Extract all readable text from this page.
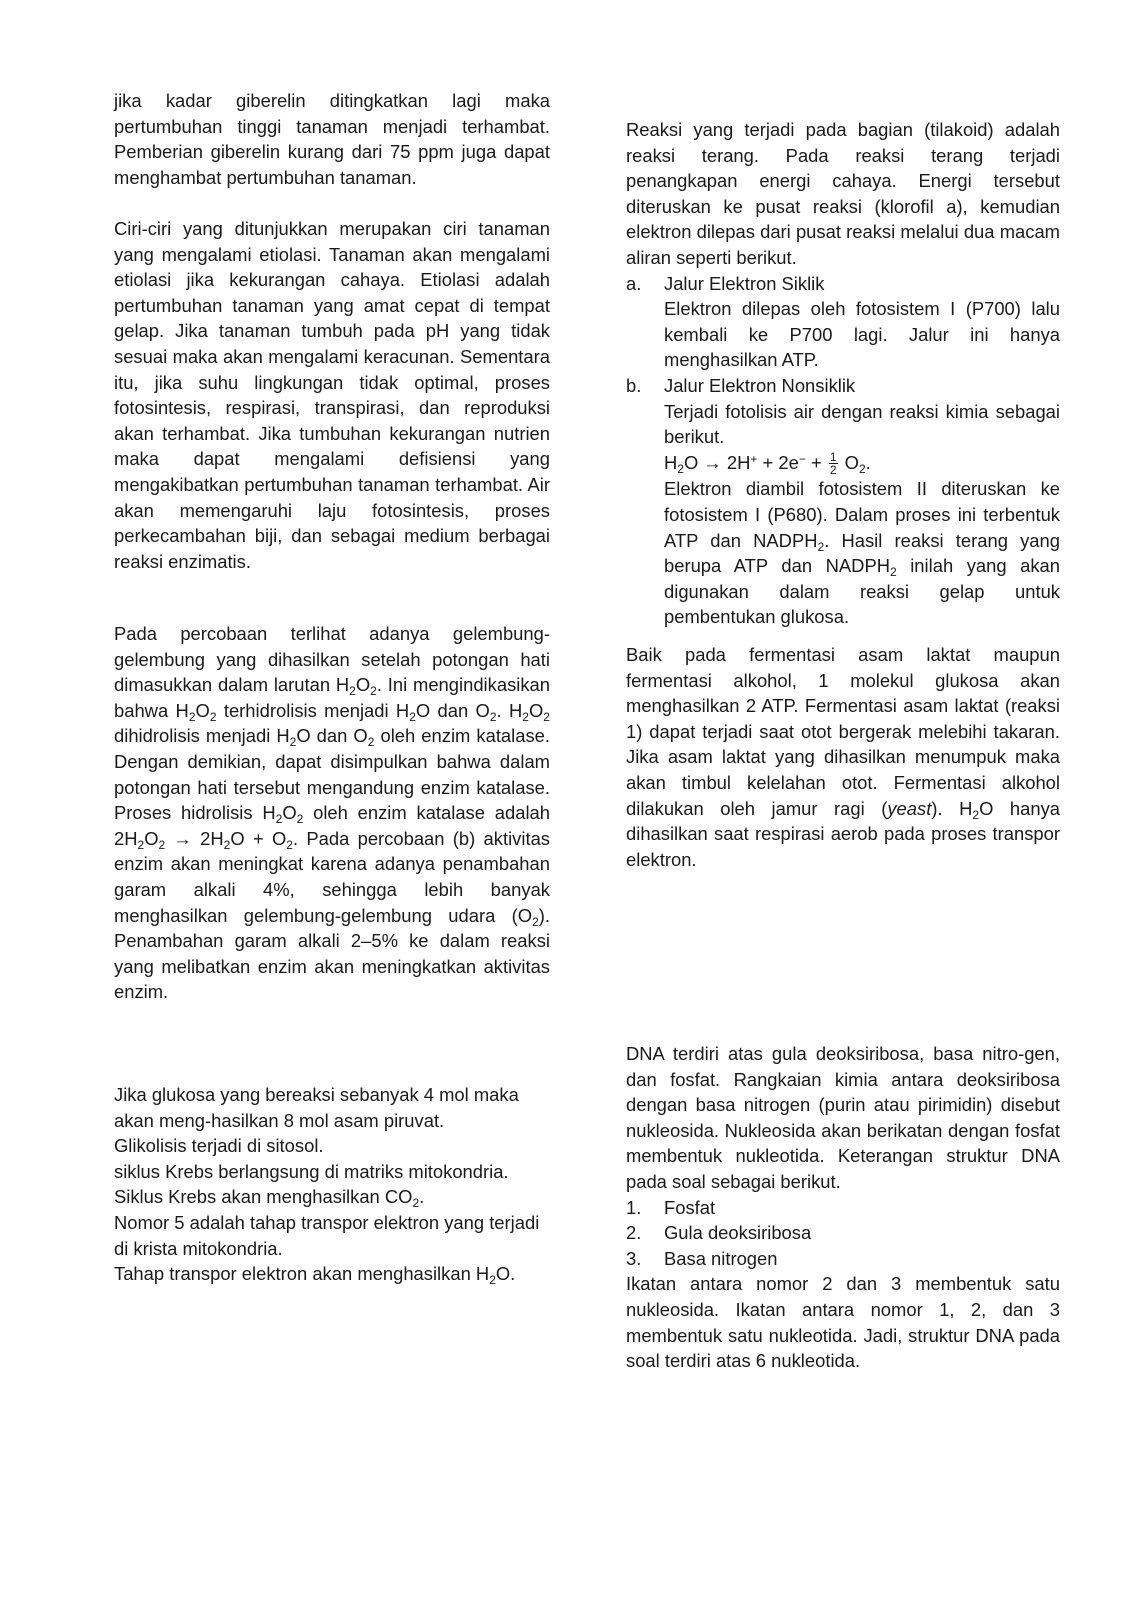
jika kadar giberelin ditingkatkan lagi maka pertumbuhan tinggi tanaman menjadi terhambat. Pemberian giberelin kurang dari 75 ppm juga dapat menghambat pertumbuhan tanaman.

Ciri-ciri yang ditunjukkan merupakan ciri tanaman yang mengalami etiolasi. Tanaman akan mengalami etiolasi jika kekurangan cahaya. Etiolasi adalah pertumbuhan tanaman yang amat cepat di tempat gelap. Jika tanaman tumbuh pada pH yang tidak sesuai maka akan mengalami keracunan. Sementara itu, jika suhu lingkungan tidak optimal, proses fotosintesis, respirasi, transpirasi, dan reproduksi akan terhambat. Jika tumbuhan kekurangan nutrien maka dapat mengalami defisiensi yang mengakibatkan pertumbuhan tanaman terhambat. Air akan memengaruhi laju fotosintesis, proses perkecambahan biji, dan sebagai medium berbagai reaksi enzimatis.

Pada percobaan terlihat adanya gelembung-gelembung yang dihasilkan setelah potongan hati dimasukkan dalam larutan $H_2O_2$. Ini mengindikasikan bahwa $H_2O_2$ terhidrolisis menjadi $H_2O$ dan $O_2$. $H_2O_2$ dihidrolisis menjadi $H_2O$ dan $O_2$ oleh enzim katalase. Dengan demikian, dapat disimpulkan bahwa dalam potongan hati tersebut mengandung enzim katalase. Proses hidrolisis $H_2O_2$ oleh enzim katalase adalah $2H_2O_2 \to 2H_2O + O_2$. Pada percobaan (b) aktivitas enzim akan meningkat karena adanya penambahan garam alkali 4%, sehingga lebih banyak menghasilkan gelembung-gelembung udara $(O_2)$. Penambahan garam alkali 2–5% ke dalam reaksi yang melibatkan enzim akan meningkatkan aktivitas enzim.

Jika glukosa yang bereaksi sebanyak 4 mol maka akan meng-hasilkan 8 mol asam piruvat.

Glikolisis terjadi di sitosol.

siklus Krebs berlangsung di matriks mitokondria.

Siklus Krebs akan menghasilkan $CO_2$.

Nomor 5 adalah tahap transpor elektron yang terjadi di krista mitokondria.

Tahap transpor elektron akan menghasilkan $H_2O$.

Reaksi yang terjadi pada bagian (tilakoid) adalah reaksi terang. Pada reaksi terang terjadi penangkapan energi cahaya. Energi tersebut diteruskan ke pusat reaksi (klorofil a), kemudian elektron dilepas dari pusat reaksi melalui dua macam aliran seperti berikut.

a.	Jalur Elektron Siklik

Elektron dilepas oleh fotosistem I (P700) lalu kembali ke P700 lagi. Jalur ini hanya menghasilkan ATP.

b.	Jalur Elektron Nonsiklik

Terjadi fotolisis air dengan reaksi kimia sebagai berikut.

$H_2O \to 2H^+ + 2e^- + \frac{1}{2} O_2$.

Elektron diambil fotosistem II diteruskan ke fotosistem I (P680). Dalam proses ini terbentuk ATP dan $NADPH_2$. Hasil reaksi terang yang berupa ATP dan $NADPH_2$ inilah yang akan digunakan dalam reaksi gelap untuk pembentukan glukosa.

Baik pada fermentasi asam laktat maupun fermentasi alkohol, 1 molekul glukosa akan menghasilkan 2 ATP. Fermentasi asam laktat (reaksi 1) dapat terjadi saat otot bergerak melebihi takaran. Jika asam laktat yang dihasilkan menumpuk maka akan timbul kelelahan otot. Fermentasi alkohol dilakukan oleh jamur ragi (yeast). $H_2O$ hanya dihasilkan saat respirasi aerob pada proses transpor elektron.

DNA terdiri atas gula deoksiribosa, basa nitro-gen, dan fosfat. Rangkaian kimia antara deoksiribosa dengan basa nitrogen (purin atau pirimidin) disebut nukleosida. Nukleosida akan berikatan dengan fosfat membentuk nukleotida. Keterangan struktur DNA pada soal sebagai berikut.

1.	Fosfat
2.	Gula deoksiribosa
3.	Basa nitrogen

Ikatan antara nomor 2 dan 3 membentuk satu nukleosida. Ikatan antara nomor 1, 2, dan 3 membentuk satu nukleotida. Jadi, struktur DNA pada soal terdiri atas 6 nukleotida.
